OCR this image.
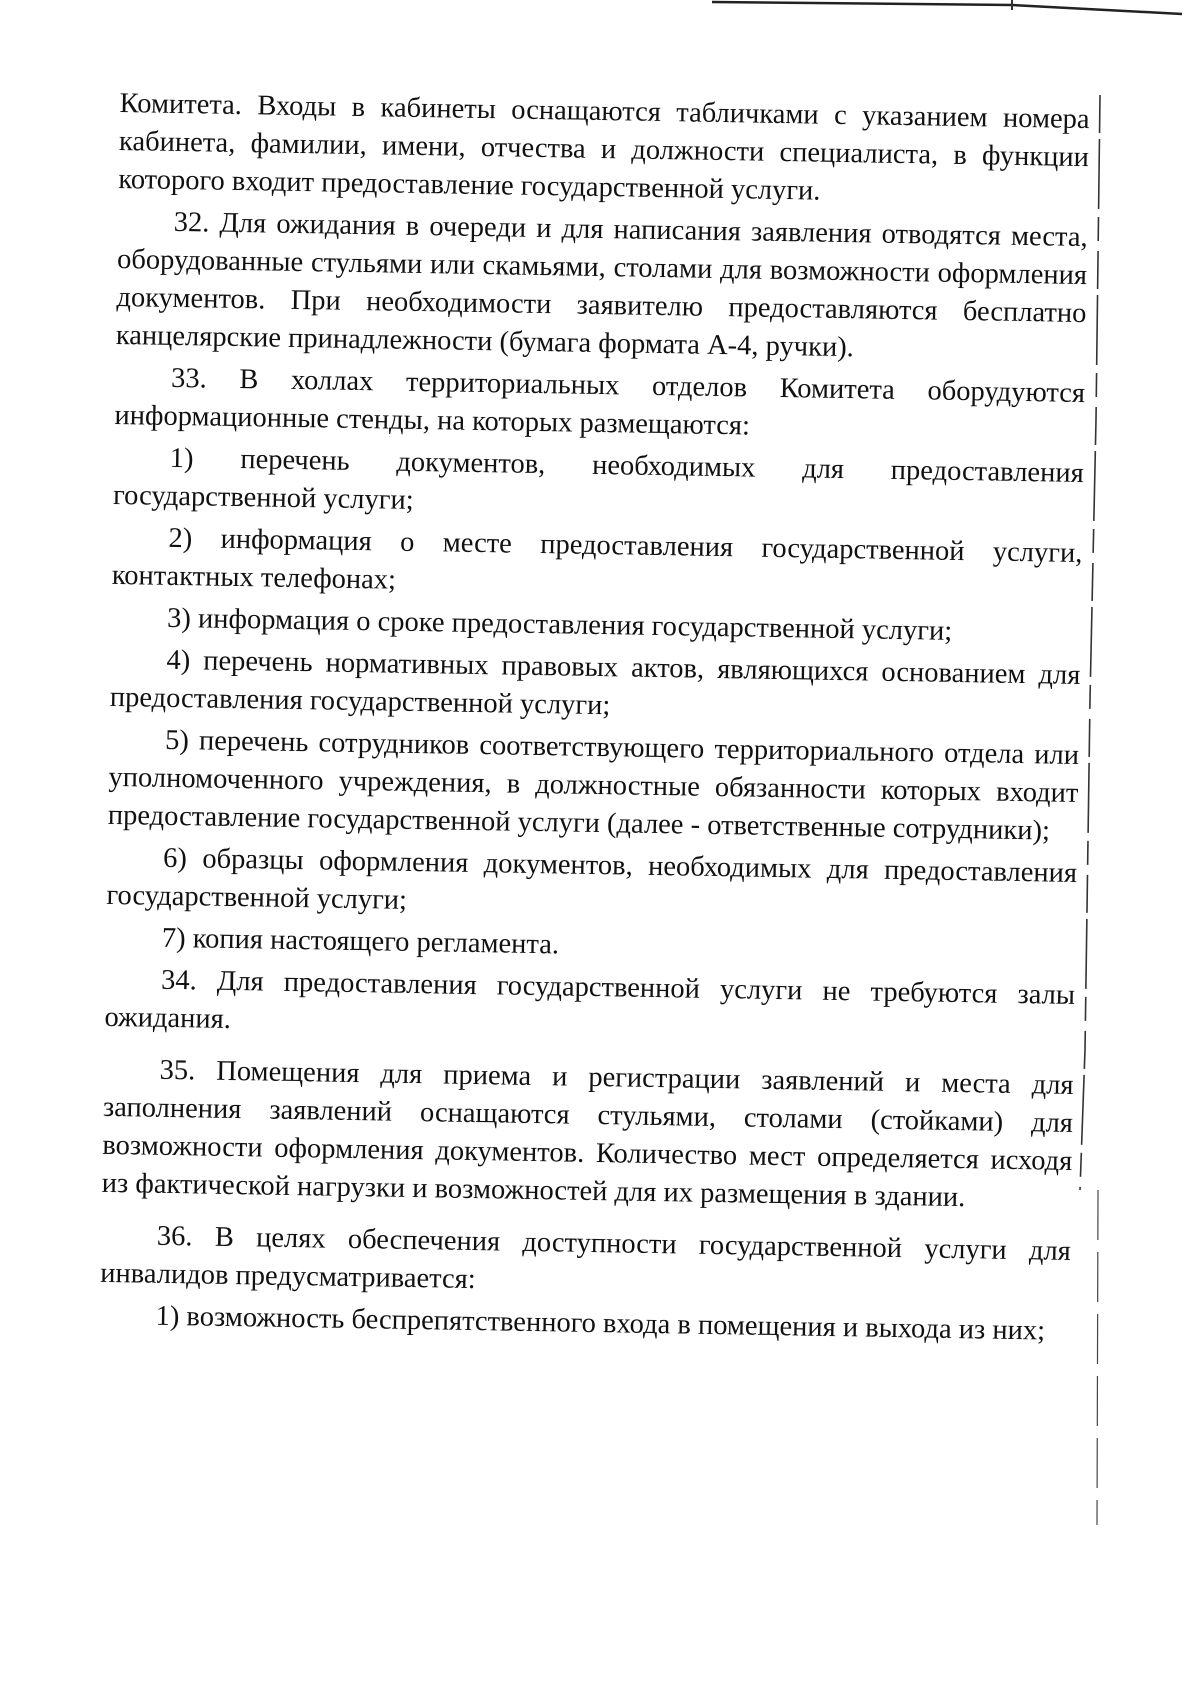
Комитета. Входы в кабинеты оснащаются табличками с указанием номера кабинета, фамилии, имени, отчества и должности специалиста, в функции которого входит предоставление государственной услуги.

32. Для ожидания в очереди и для написания заявления отводятся места, оборудованные стульями или скамьями, столами для возможности оформления документов. При необходимости заявителю предоставляются бесплатно канцелярские принадлежности (бумага формата А-4, ручки).

33. В холлах территориальных отделов Комитета оборудуются информационные стенды, на которых размещаются:

1) перечень документов, необходимых для предоставления государственной услуги;

2) информация о месте предоставления государственной услуги, контактных телефонах;

3) информация о сроке предоставления государственной услуги;

4) перечень нормативных правовых актов, являющихся основанием для предоставления государственной услуги;

5) перечень сотрудников соответствующего территориального отдела или уполномоченного учреждения, в должностные обязанности которых входит предоставление государственной услуги (далее - ответственные сотрудники);

6) образцы оформления документов, необходимых для предоставления государственной услуги;

7) копия настоящего регламента.

34. Для предоставления государственной услуги не требуются залы ожидания.

35. Помещения для приема и регистрации заявлений и места для заполнения заявлений оснащаются стульями, столами (стойками) для возможности оформления документов. Количество мест определяется исходя из фактической нагрузки и возможностей для их размещения в здании.

36. В целях обеспечения доступности государственной услуги для инвалидов предусматривается:

1) возможность беспрепятственного входа в помещения и выхода из них;
